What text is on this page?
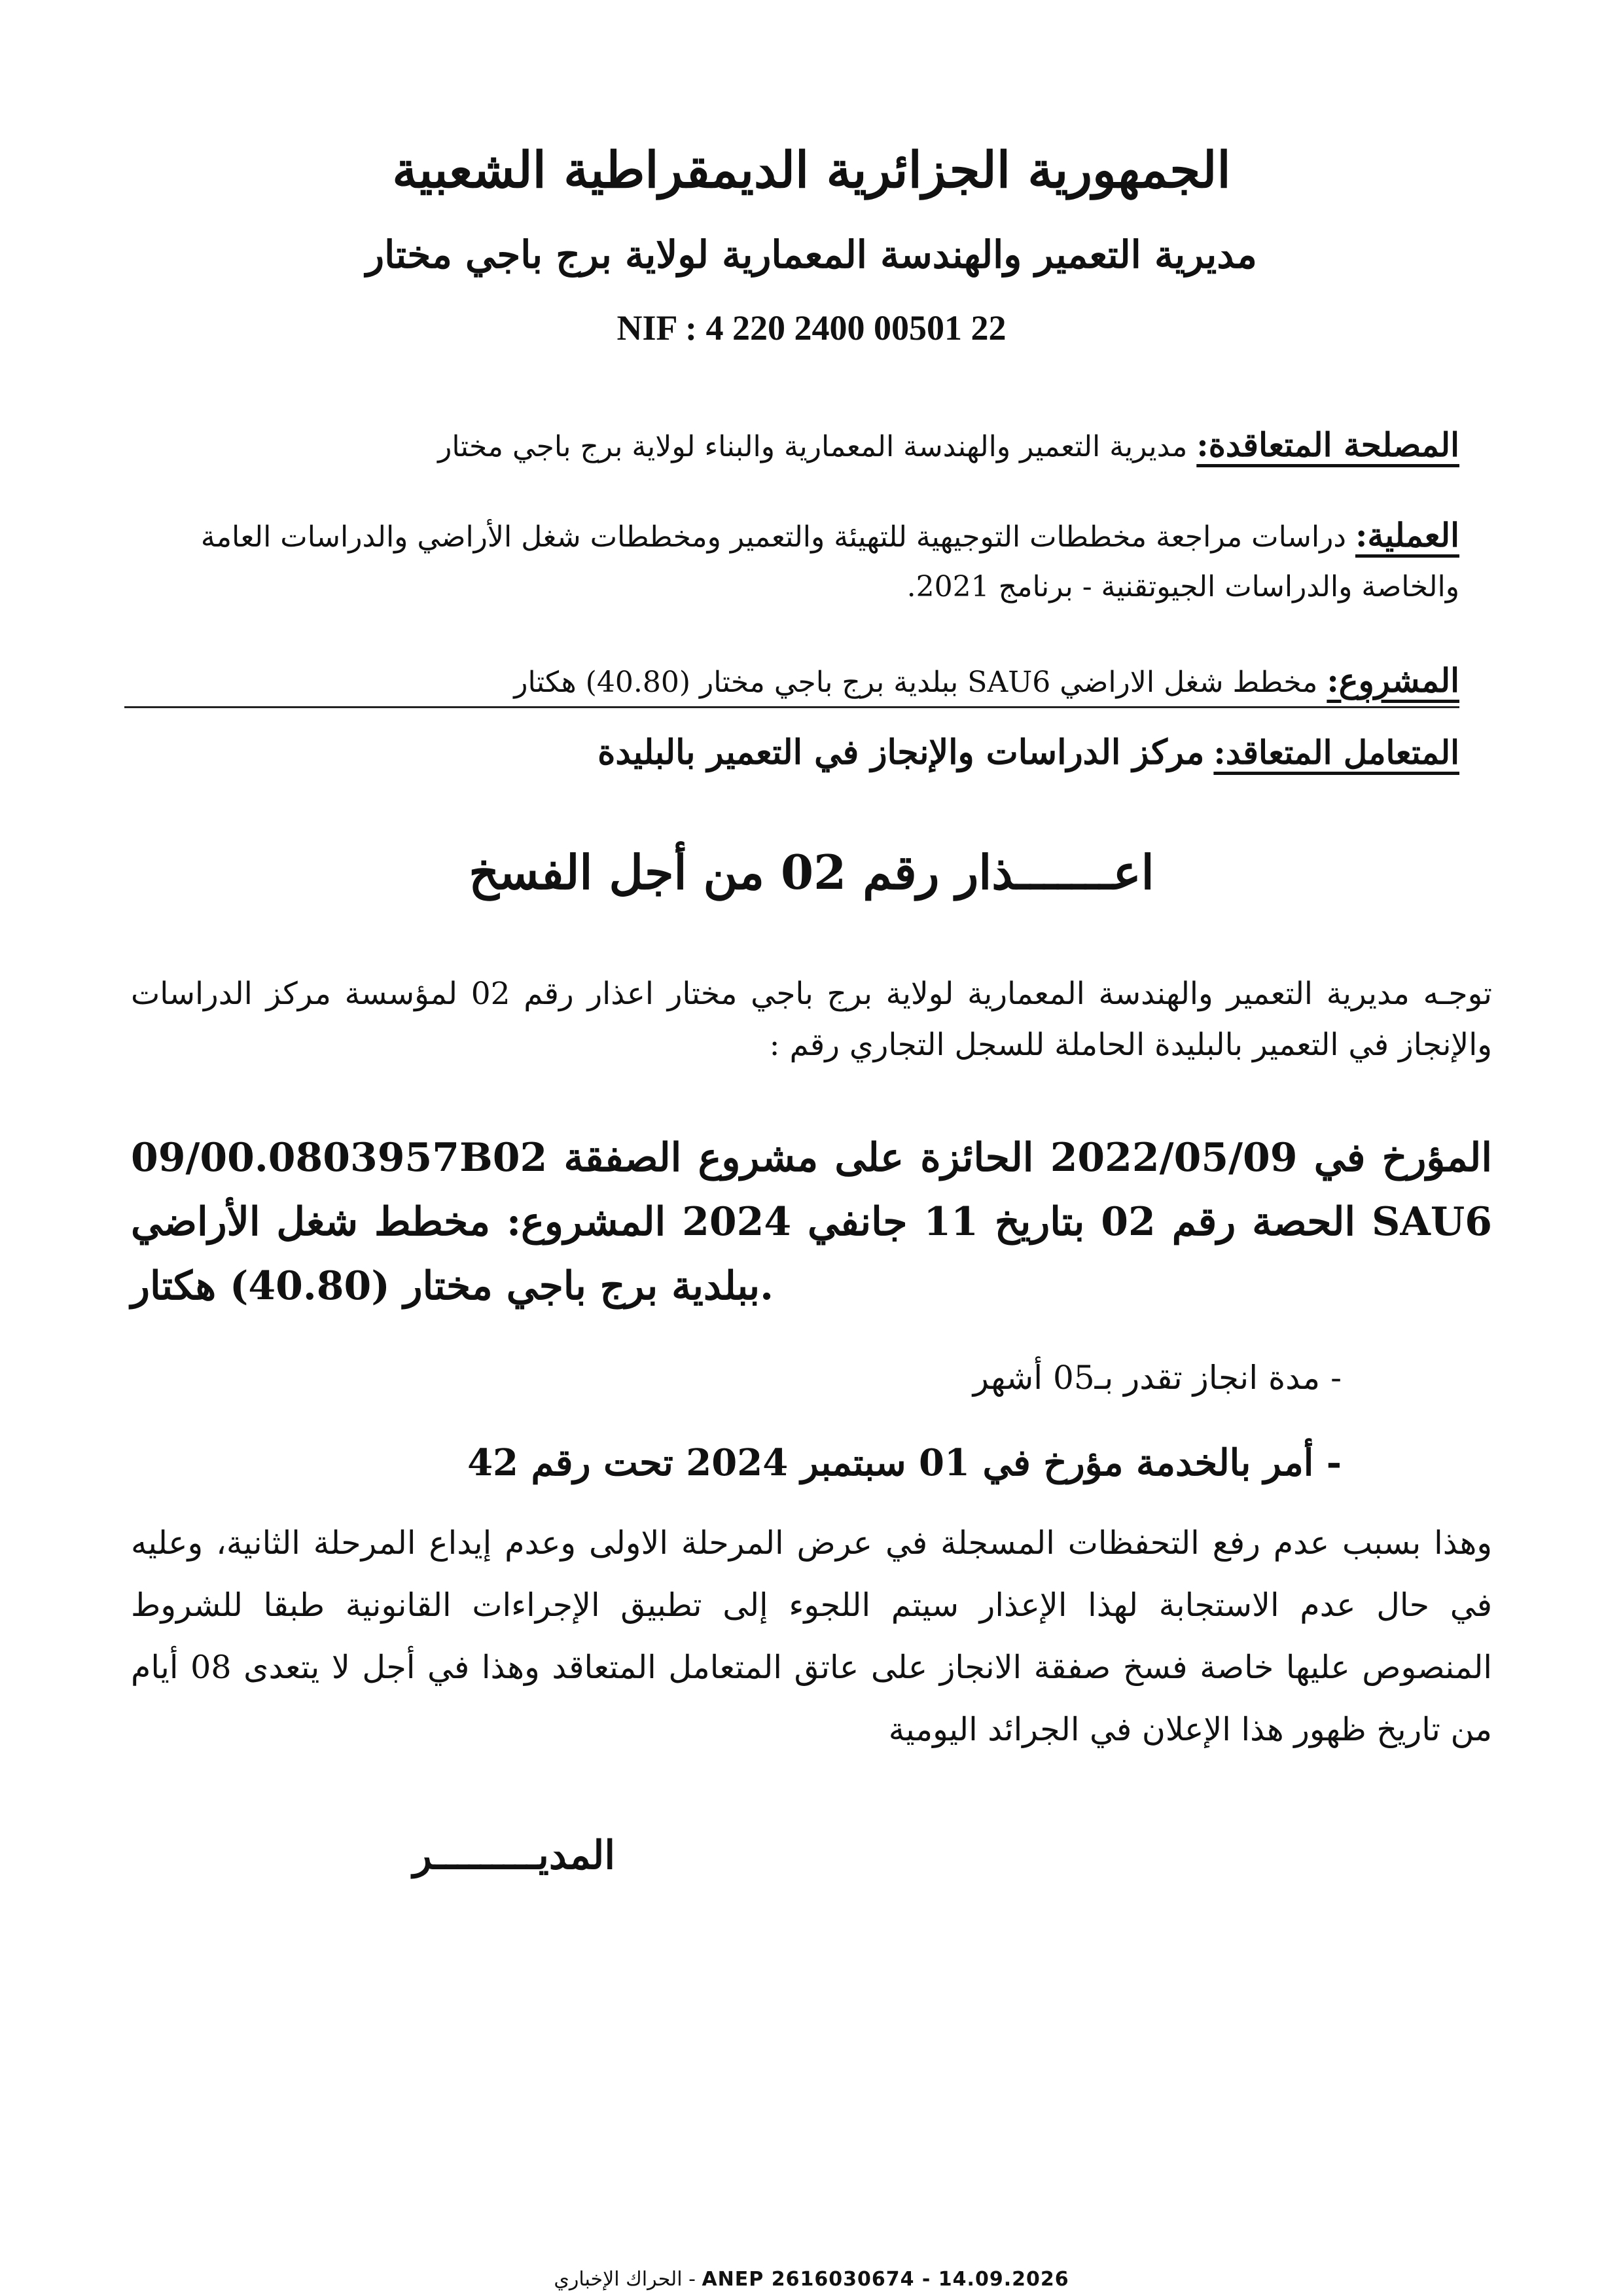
الجمهورية الجزائرية الديمقراطية الشعبية
مديرية التعمير والهندسة المعمارية لولاية برج باجي مختار
NIF : 4 220 2400 00501 22
المصلحة المتعاقدة: مديرية التعمير والهندسة المعمارية والبناء لولاية برج باجي مختار
العملية: دراسات مراجعة مخططات التوجيهية للتهيئة والتعمير ومخططات شغل الأراضي والدراسات العامة والخاصة والدراسات الجيوتقنية - برنامج 2021.
المشروع: مخطط شغل الاراضي SAU6 ببلدية برج باجي مختار (40.80) هكتار
المتعامل المتعاقد: مركز الدراسات والإنجاز في التعمير بالبليدة
اعـــــــذار رقم 02 من أجل الفسخ
توجـه مديرية التعمير والهندسة المعمارية لولاية برج باجي مختار اعذار رقم 02 لمؤسسة مركز الدراسات والإنجاز في التعمير بالبليدة الحاملة للسجل التجاري رقم :
09/00.0803957B02 المؤرخ في 2022/05/09 الحائزة على مشروع الصفقة الحصة رقم 02 بتاريخ 11 جانفي 2024 المشروع: مخطط شغل الأراضي SAU6 ببلدية برج باجي مختار (40.80) هكتار.
- مدة انجاز تقدر بـ05 أشهر
- أمر بالخدمة مؤرخ في 01 سبتمبر 2024 تحت رقم 42
وهذا بسبب عدم رفع التحفظات المسجلة في عرض المرحلة الاولى وعدم إيداع المرحلة الثانية، وعليه في حال عدم الاستجابة لهذا الإعذار سيتم اللجوء إلى تطبيق الإجراءات القانونية طبقا للشروط المنصوص عليها خاصة فسخ صفقة الانجاز على عاتق المتعامل المتعاقد وهذا في أجل لا يتعدى 08 أيام من تاريخ ظهور هذا الإعلان في الجرائد اليومية
المديـــــــــر
الحراك الإخباري - ANEP 2616030674 - 14.09.2026
